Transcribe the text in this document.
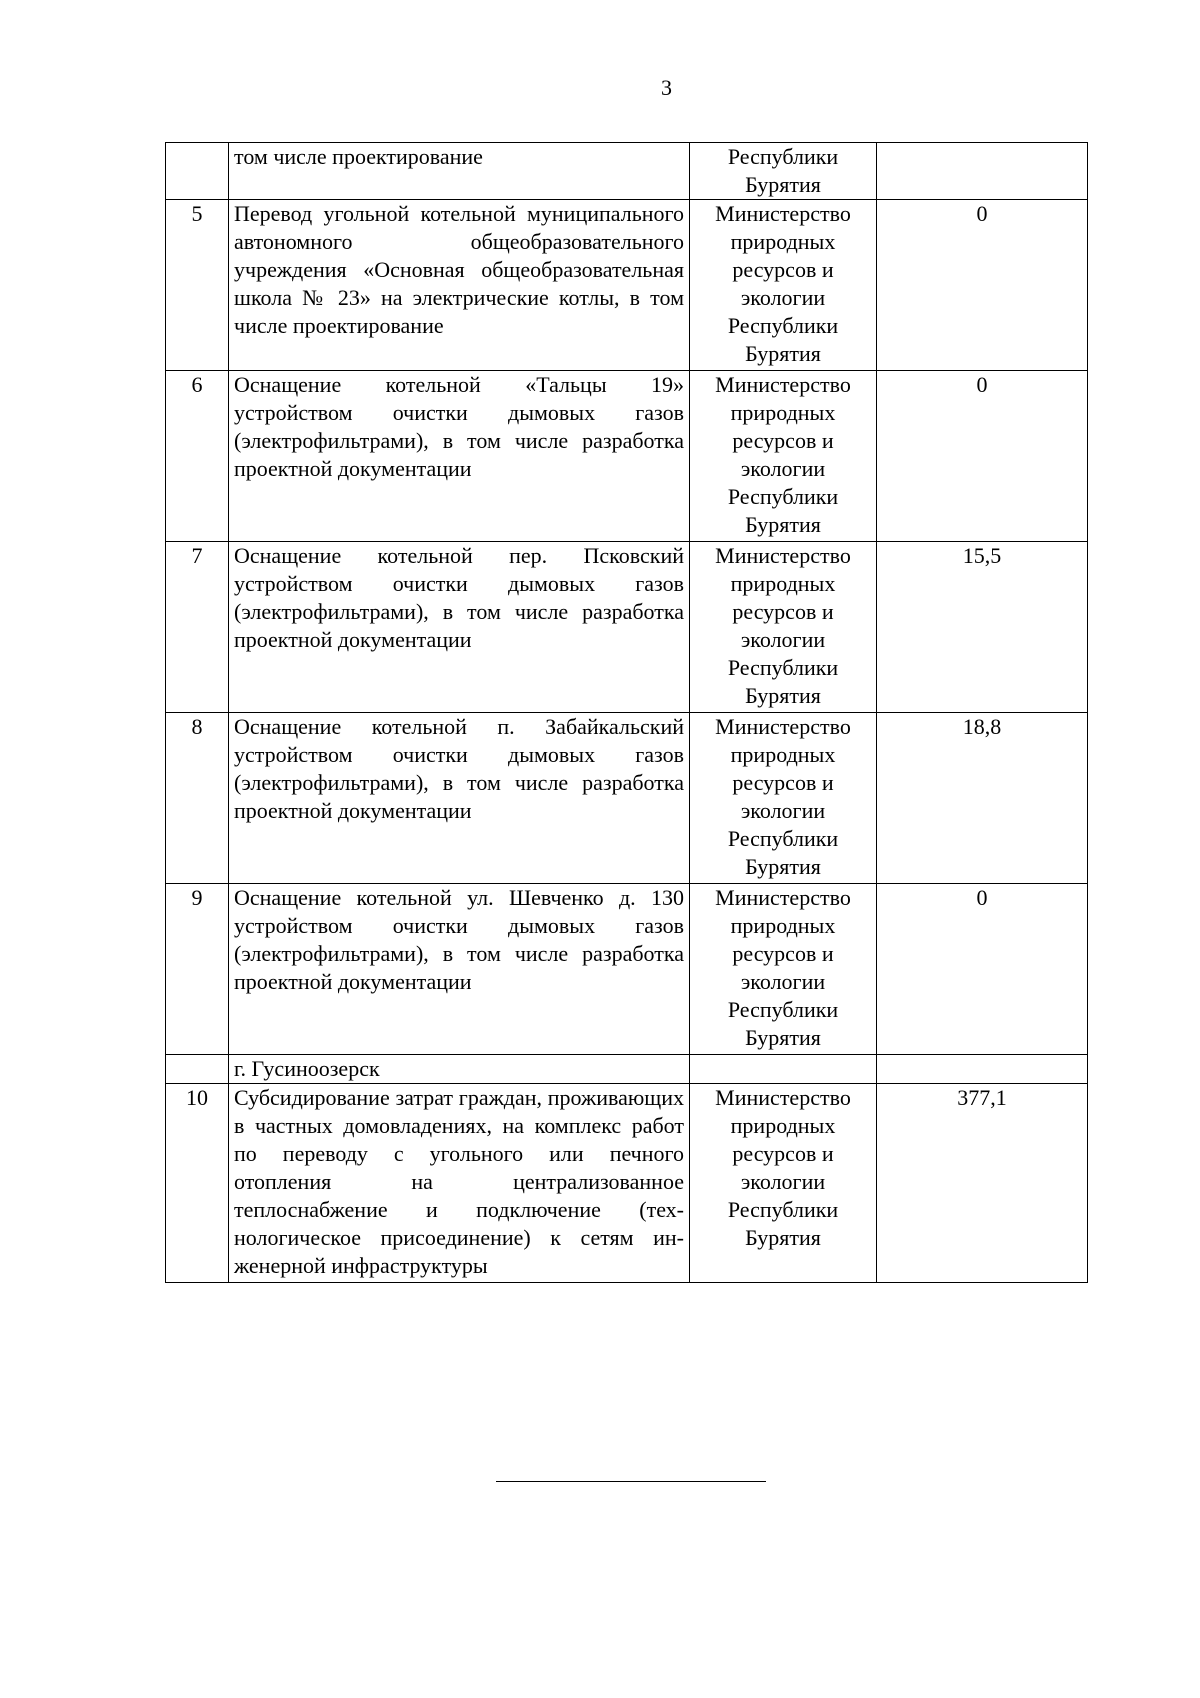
3
	том числе проектирование	Республики Бурятия	
5	Перевод угольной котельной муниципального автономного общеобразовательного учреждения «Основная общеобразовательная школа № 23» на электрические котлы, в том числе проектирование	Министерство природных ресурсов и экологии Республики Бурятия	0
6	Оснащение котельной «Тальцы 19» устройством очистки дымовых газов (электрофильтрами), в том числе разработка проектной документации	Министерство природных ресурсов и экологии Республики Бурятия	0
7	Оснащение котельной пер. Псковский устройством очистки дымовых газов (электрофильтрами), в том числе разработка проектной документации	Министерство природных ресурсов и экологии Республики Бурятия	15,5
8	Оснащение котельной п. Забайкальский устройством очистки дымовых газов (электрофильтрами), в том числе разработка проектной документации	Министерство природных ресурсов и экологии Республики Бурятия	18,8
9	Оснащение котельной ул. Шевченко д. 130 устройством очистки дымовых газов (электрофильтрами), в том числе разработка проектной документации	Министерство природных ресурсов и экологии Республики Бурятия	0
	г. Гусиноозерск		
10	Субсидирование затрат граждан, проживающих в частных домовладениях, на комплекс работ по переводу с угольного или печного отопления на централизованное теплоснабжение и подключение (технологическое присоединение) к сетям инженерной инфраструктуры	Министерство природных ресурсов и экологии Республики Бурятия	377,1
